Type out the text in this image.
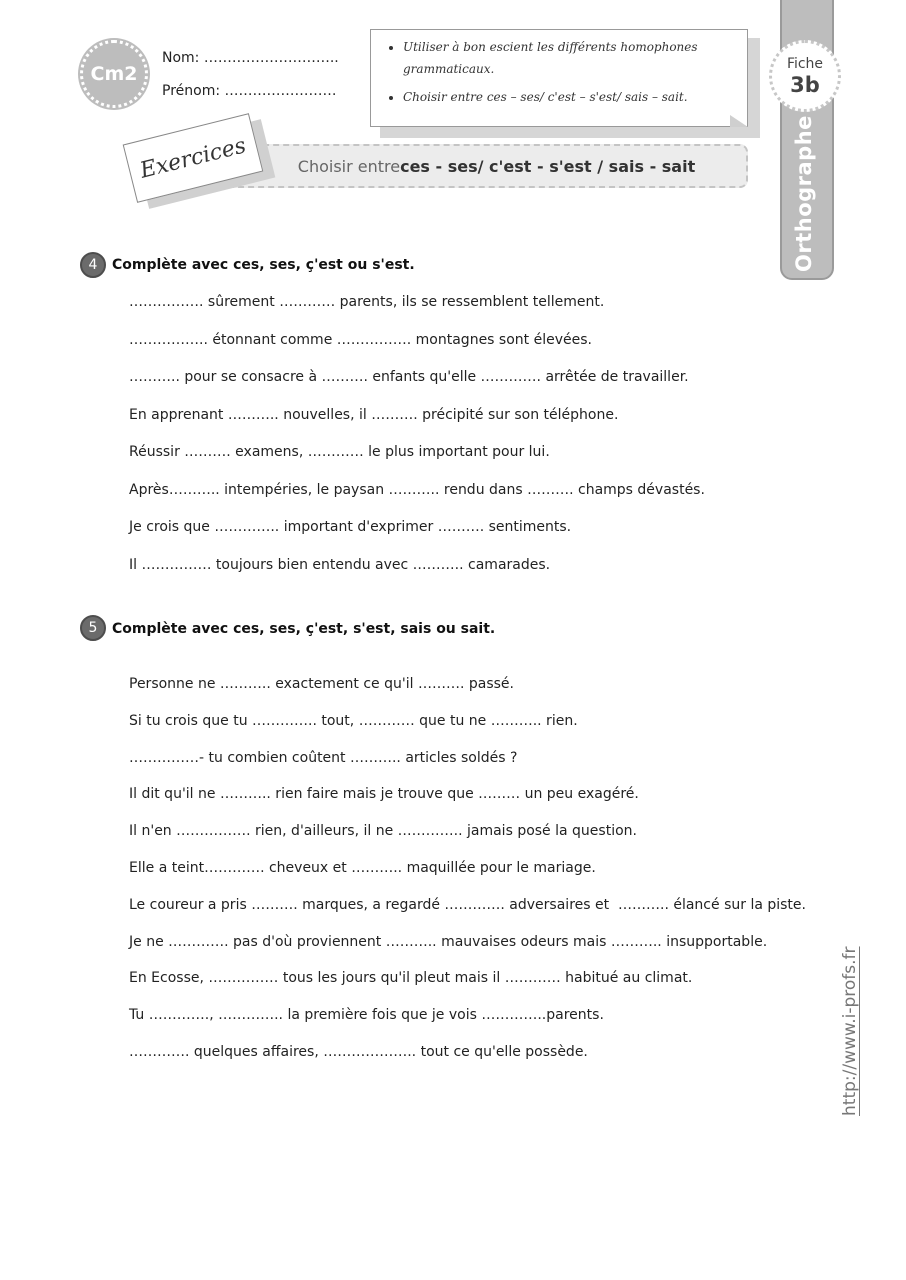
Orthographe
Cm2
Nom: ………………………..
Prénom: ……………………
• Utiliser à bon escient les différents homophones grammaticaux.
• Choisir entre ces – ses/ c'est – s'est/ sais – sait.
Fiche
3b
Choisir entre ces - ses/ c'est - s'est / sais - sait
Exercices
4	Complète avec ces, ses, ç'est ou s'est.
……………. sûrement ………… parents, ils se ressemblent tellement.
…………….. étonnant comme ……………. montagnes sont élevées.
……….. pour se consacre à ………. enfants qu'elle …………. arrêtée de travailler.
En apprenant ……….. nouvelles, il ………. précipité sur son téléphone.
Réussir ………. examens, ………… le plus important pour lui.
Après……….. intempéries, le paysan ……….. rendu dans ………. champs dévastés.
Je crois que ………….. important d'exprimer ………. sentiments.
Il …………… toujours bien entendu avec ……….. camarades.
5	Complète avec ces, ses, ç'est, s'est, sais ou sait.
Personne ne ……….. exactement ce qu'il ………. passé.
Si tu crois que tu ………….. tout, ………… que tu ne ……….. rien.
……………- tu combien coûtent ……….. articles soldés ?
Il dit qu'il ne ……….. rien faire mais je trouve que ……… un peu exagéré.
Il n'en ……………. rien, d'ailleurs, il ne ………….. jamais posé la question.
Elle a teint…………. cheveux et ……….. maquillée pour le mariage.
Le coureur a pris ………. marques, a regardé …………. adversaires et  ……….. élancé sur la piste.
Je ne …………. pas d'où proviennent ……….. mauvaises odeurs mais ……….. insupportable.
En Ecosse, …………… tous les jours qu'il pleut mais il ………… habitué au climat.
Tu …………., ………….. la première fois que je vois …………..parents.
…………. quelques affaires, ……………….. tout ce qu'elle possède.	http://www.i-profs.fr
